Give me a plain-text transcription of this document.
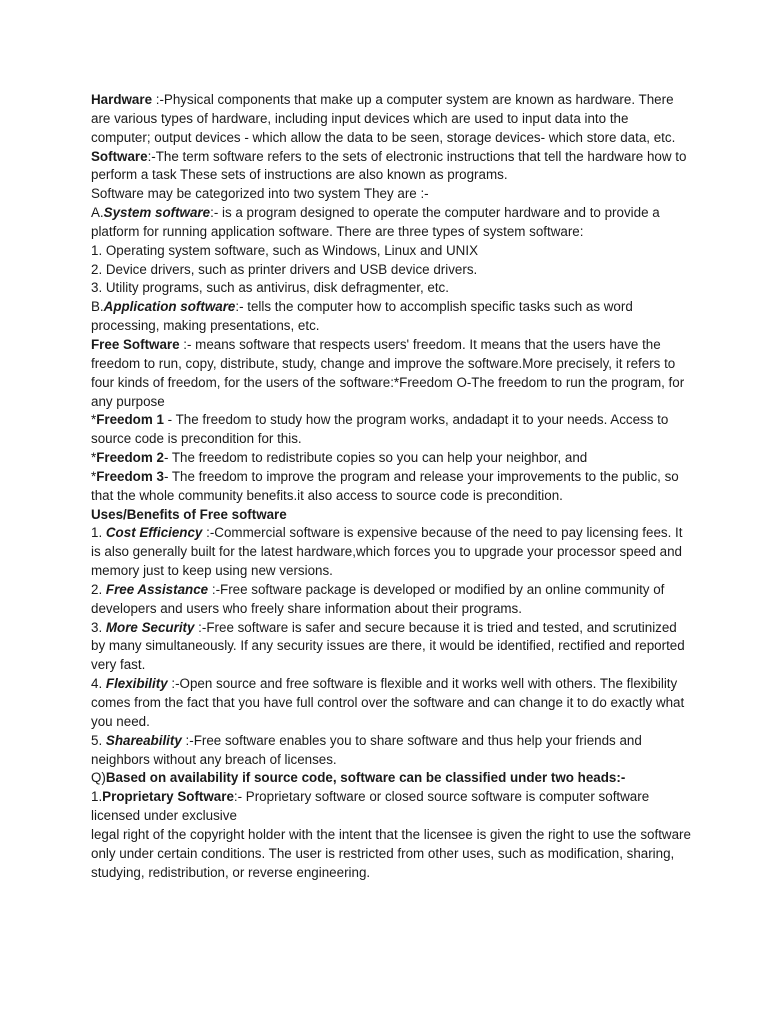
Hardware :-Physical components that make up a computer system are known as hardware. There are various types of hardware, including input devices which are used to input data into the computer; output devices - which allow the data to be seen, storage devices- which store data, etc.

Software:-The term software refers to the sets of electronic instructions that tell the hardware how to perform a task These sets of instructions are also known as programs.

Software may be categorized into two system They are :-

A.System software:- is a program designed to operate the computer hardware and to provide a platform for running application software. There are three types of system software:

1. Operating system software, such as Windows, Linux and UNIX

2. Device drivers, such as printer drivers and USB device drivers.

3. Utility programs, such as antivirus, disk defragmenter, etc.

B.Application software:- tells the computer how to accomplish specific tasks such as word processing, making presentations, etc.

Free Software :- means software that respects users' freedom. It means that the users have the freedom to run, copy, distribute, study, change and improve the software.More precisely, it refers to four kinds of freedom, for the users of the software:*Freedom O-The freedom to run the program, for any purpose

*Freedom 1 - The freedom to study how the program works, andadapt it to your needs. Access to source code is precondition for this.

*Freedom 2- The freedom to redistribute copies so you can help your neighbor, and

*Freedom 3- The freedom to improve the program and release your improvements to the public, so that the whole community benefits.it also access to source code is precondition.

Uses/Benefits of Free software

1. Cost Efficiency :-Commercial software is expensive because of the need to pay licensing fees. It is also generally built for the latest hardware,which forces you to upgrade your processor speed and memory just to keep using new versions.

2. Free Assistance :-Free software package is developed or modified by an online community of

developers and users who freely share information about their programs.

3. More Security :-Free software is safer and secure because it is tried and tested, and scrutinized by many simultaneously. If any security issues are there, it would be identified, rectified and reported very fast.

4. Flexibility :-Open source and free software is flexible and it works well with others. The flexibility comes from the fact that you have full control over the software and can change it to do exactly what you need.

5. Shareability :-Free software enables you to share software and thus help your friends and neighbors without any breach of licenses.

Q)Based on availability if source code, software can be classified under two heads:-

1.Proprietary Software:- Proprietary software or closed source software is computer software licensed under exclusive

legal right of the copyright holder with the intent that the licensee is given the right to use the software only under certain conditions. The user is restricted from other uses, such as modification, sharing, studying, redistribution, or reverse engineering.
